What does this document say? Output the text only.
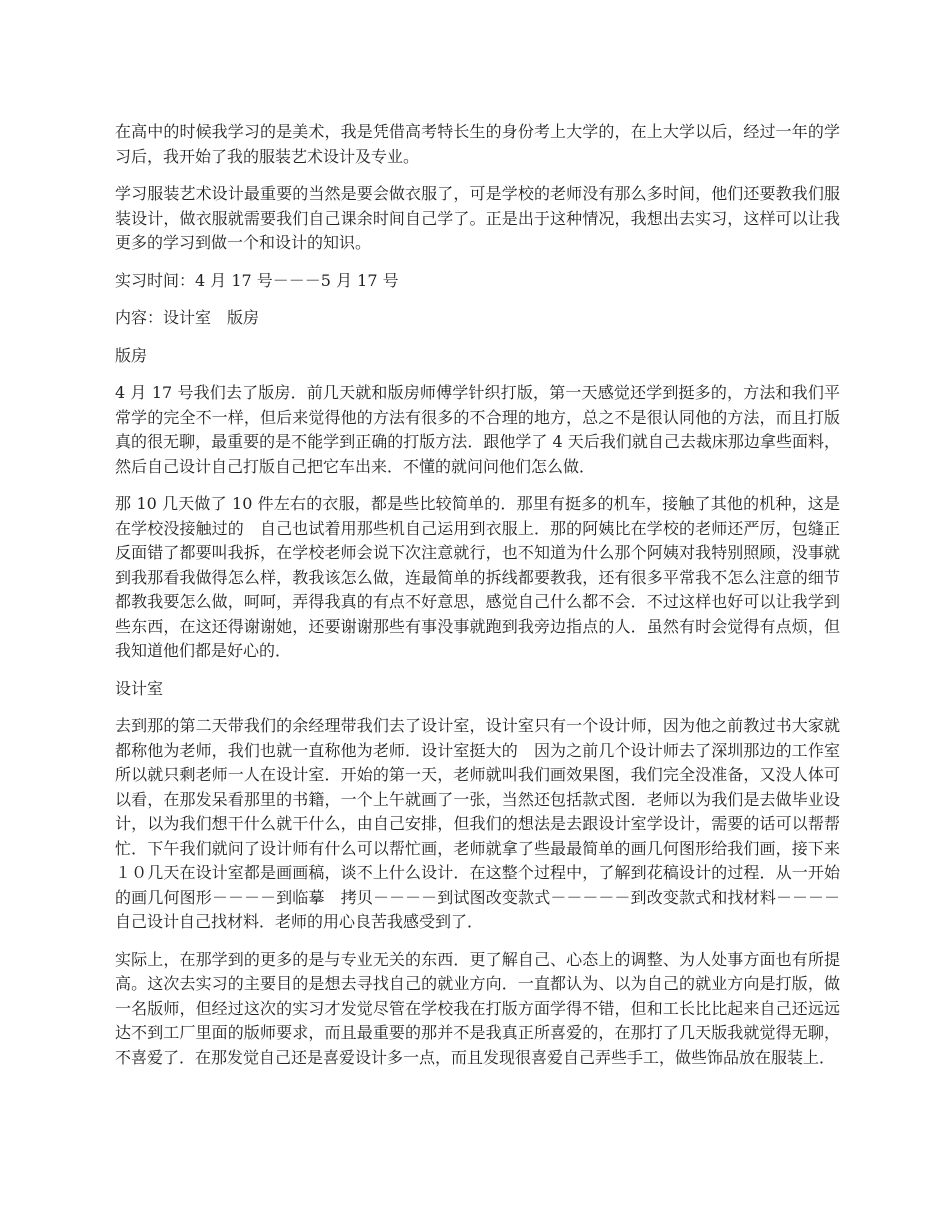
在高中的时候我学习的是美术，我是凭借高考特长生的身份考上大学的，在上大学以后，经过一年的学习后，我开始了我的服装艺术设计及专业。

学习服装艺术设计最重要的当然是要会做衣服了，可是学校的老师没有那么多时间，他们还要教我们服装设计，做衣服就需要我们自己课余时间自己学了。正是出于这种情况，我想出去实习，这样可以让我更多的学习到做一个和设计的知识。

实习时间：4 月 17 号－－－5 月 17 号

内容：设计室　版房

版房

4 月 17 号我们去了版房．前几天就和版房师傅学针织打版，第一天感觉还学到挺多的，方法和我们平常学的完全不一样，但后来觉得他的方法有很多的不合理的地方，总之不是很认同他的方法，而且打版真的很无聊，最重要的是不能学到正确的打版方法．跟他学了 4 天后我们就自己去裁床那边拿些面料，然后自己设计自己打版自己把它车出来．不懂的就问问他们怎么做．

那 10 几天做了 10 件左右的衣服，都是些比较简单的．那里有挺多的机车，接触了其他的机种，这是在学校没接触过的　自己也试着用那些机自己运用到衣服上．那的阿姨比在学校的老师还严厉，包缝正反面错了都要叫我拆，在学校老师会说下次注意就行，也不知道为什么那个阿姨对我特别照顾，没事就到我那看我做得怎么样，教我该怎么做，连最简单的拆线都要教我，还有很多平常我不怎么注意的细节都教我要怎么做，呵呵，弄得我真的有点不好意思，感觉自己什么都不会．不过这样也好可以让我学到些东西，在这还得谢谢她，还要谢谢那些有事没事就跑到我旁边指点的人．虽然有时会觉得有点烦，但我知道他们都是好心的．

设计室

去到那的第二天带我们的余经理带我们去了设计室，设计室只有一个设计师，因为他之前教过书大家就都称他为老师，我们也就一直称他为老师．设计室挺大的　因为之前几个设计师去了深圳那边的工作室所以就只剩老师一人在设计室．开始的第一天，老师就叫我们画效果图，我们完全没准备，又没人体可以看，在那发呆看那里的书籍，一个上午就画了一张，当然还包括款式图．老师以为我们是去做毕业设计，以为我们想干什么就干什么，由自己安排，但我们的想法是去跟设计室学设计，需要的话可以帮帮忙．下午我们就问了设计师有什么可以帮忙画，老师就拿了些最最简单的画几何图形给我们画，接下来１０几天在设计室都是画画稿，谈不上什么设计．在这整个过程中，了解到花稿设计的过程．从一开始的画几何图形－－－－到临摹　拷贝－－－－到试图改变款式－－－－－到改变款式和找材料－－－－自己设计自己找材料．老师的用心良苦我感受到了．

实际上，在那学到的更多的是与专业无关的东西．更了解自己、心态上的调整、为人处事方面也有所提高。这次去实习的主要目的是想去寻找自己的就业方向．一直都认为、以为自己的就业方向是打版，做一名版师，但经过这次的实习才发觉尽管在学校我在打版方面学得不错，但和工长比比起来自己还远远达不到工厂里面的版师要求，而且最重要的那并不是我真正所喜爱的，在那打了几天版我就觉得无聊，不喜爱了．在那发觉自己还是喜爱设计多一点，而且发现很喜爱自己弄些手工，做些饰品放在服装上．
